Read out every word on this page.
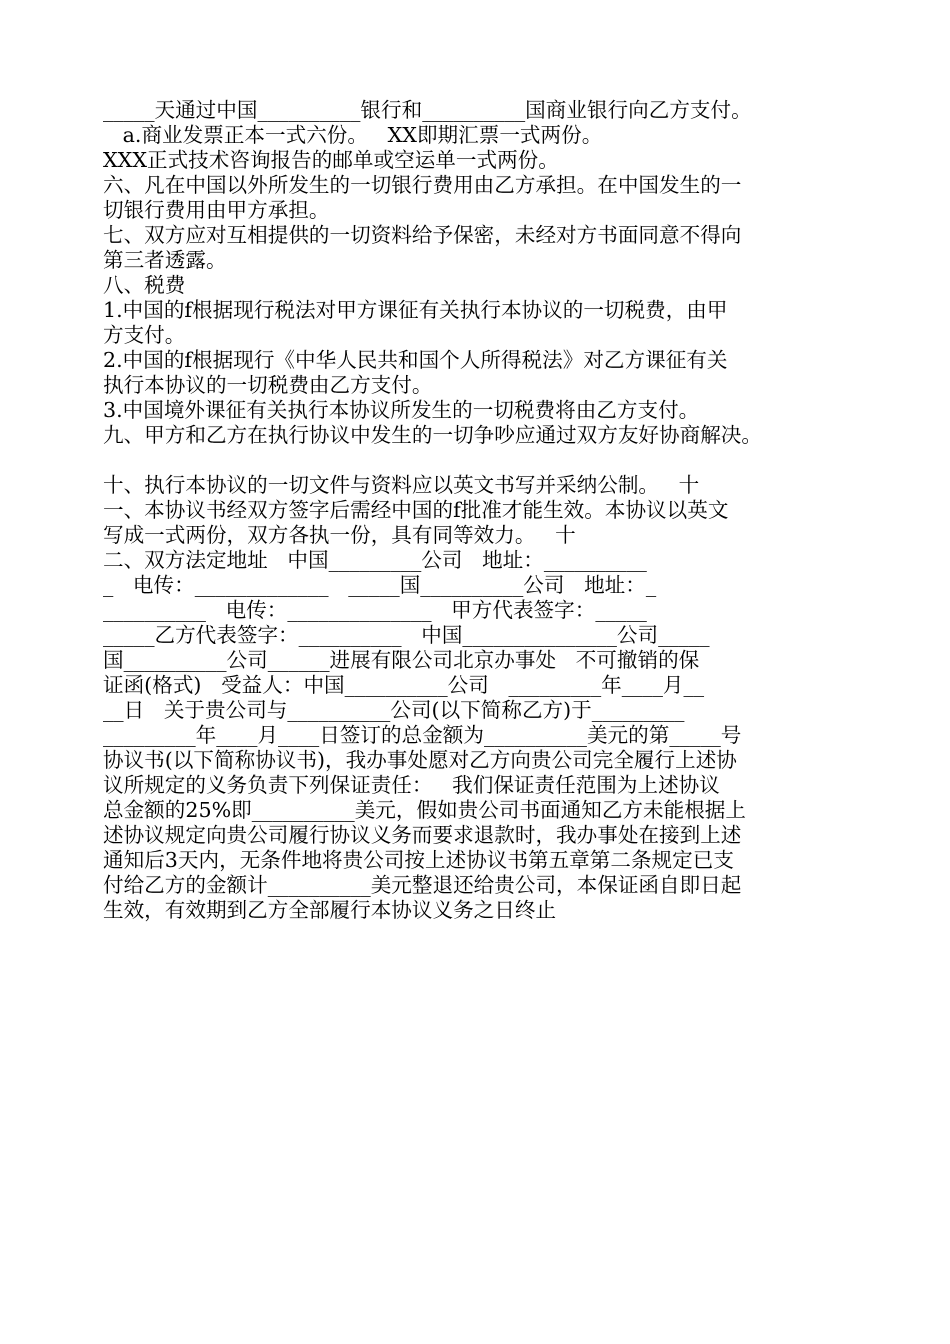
_____天通过中国__________银行和__________国商业银行向乙方支付。
a.商业发票正本一式六份。   XX即期汇票一式两份。
XXX正式技术咨询报告的邮单或空运单一式两份。
六、凡在中国以外所发生的一切银行费用由乙方承担。在中国发生的一
切银行费用由甲方承担。
七、双方应对互相提供的一切资料给予保密，未经对方书面同意不得向
第三者透露。
八、税费
1.中国的f根据现行税法对甲方课征有关执行本协议的一切税费，由甲
方支付。
2.中国的f根据现行《中华人民共和国个人所得税法》对乙方课征有关
执行本协议的一切税费由乙方支付。
3.中国境外课征有关执行本协议所发生的一切税费将由乙方支付。
九、甲方和乙方在执行协议中发生的一切争吵应通过双方友好协商解决。
十、执行本协议的一切文件与资料应以英文书写并采纳公制。   十
一、本协议书经双方签字后需经中国的f批准才能生效。本协议以英文
写成一式两份，双方各执一份，具有同等效力。   十
二、双方法定地址   中国_________公司   地址：__________
_   电传：_____________   _____国__________公司   地址：_
__________   电传：______________   甲方代表签字：_____
_____乙方代表签字：__________   中国_______________公司_____
国__________公司______进展有限公司北京办事处   不可撤销的保
证函(格式)   受益人：中国__________公司   _________年____月__
__日   关于贵公司与__________公司(以下简称乙方)于_________
_________年____月____日签订的总金额为__________美元的第_____号
协议书(以下简称协议书)，我办事处愿对乙方向贵公司完全履行上述协
议所规定的义务负责下列保证责任：   我们保证责任范围为上述协议
总金额的25%即__________美元，假如贵公司书面通知乙方未能根据上
述协议规定向贵公司履行协议义务而要求退款时，我办事处在接到上述
通知后3天内，无条件地将贵公司按上述协议书第五章第二条规定已支
付给乙方的金额计__________美元整退还给贵公司，本保证函自即日起
生效，有效期到乙方全部履行本协议义务之日终止
